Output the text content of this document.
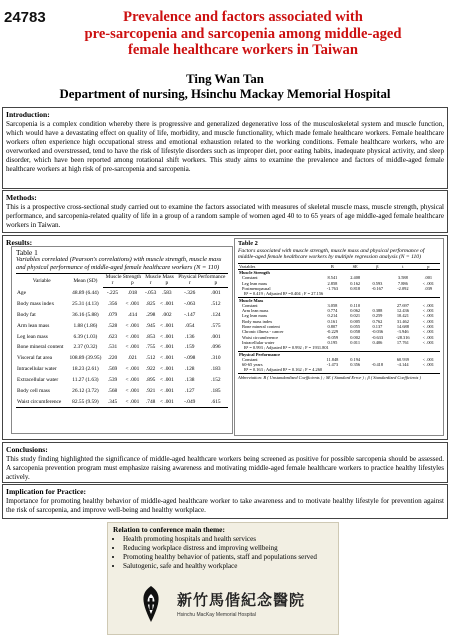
24783	Prevalence and factors associated with
pre-sarcopenia and sarcopenia among middle-aged
female healthcare workers in Taiwan
Ting Wan Tan
Department of nursing, Hsinchu Mackay Memorial Hospital
Introduction:
Sarcopenia is a complex condition whereby there is progressive and generalized degenerative loss of the musculoskeletal system and muscle function, which would have a devastating effect on quality of life, morbidity, and muscle functionality, which made female healthcare workers. Female healthcare workers often experience high occupational stress and emotional exhaustion related to the working conditions. Female healthcare workers, who are overworked and overstressed, tend to have the risk of lifestyle disorders such as improper diet, poor eating habits, inadequate physical activity, and sleep disorder, which have been reported among rotational shift workers. This study aims to examine the prevalence and factors of middle-aged female healthcare workers at high risk of pre-sarcopenia and sarcopenia.
Methods:
This is a prospective cross-sectional study carried out to examine the factors associated with measures of skeletal muscle mass, muscle strength, physical performance, and sarcopenia-related quality of life in a group of a random sample of women aged 40 to to 65 years of age middle-aged female healthcare workers in Taiwan.
Results:
Table 1
Variables correlated (Pearson's correlations) with muscle strength, muscle mass and physical performance of middle-aged female healthcare workers (N = 110)
Variable	Mean (SD)	Muscle Strength		Muscle Mass		Physical Performance	
		r	p	r	p	r	p
Age	48.89 (6.44)	-.225	.018	-.053	.583	-.326	.001
Body mass index	25.31 (4.13)	.356	< .001	.825	< .001	-.063	.512
Body fat	36.16 (5.88)	.079	.414	.298	.002	-.147	.124
Arm lean mass	1.88 (1.86)	.528	< .001	.945	< .001	.054	.575
Leg lean mass	6.39 (1.03)	.623	< .001	.853	< .001	.136	.001
Bone mineral content	2.37 (0.32)	.531	< .001	.755	< .001	.159	.096
Visceral fat area	108.89 (39.95)	.220	.021	.512	< .001	-.098	.310
Intracellular water	18.23 (2.61)	.569	< .001	.922	< .001	.128	.183
Extracellular water	11.27 (1.63)	.539	< .001	.895	< .001	.138	.152
Body cell mass	26.12 (3.72)	.568	< .001	.921	< .001	.127	.185
Waist circumference	82.55 (9.59)	.345	< .001	.748	< .001	-.049	.615
Table 2
Factors associated with muscle strength, muscle mass and physical performance of middle-aged female healthcare workers by multiple regression analysis (N = 110)
Variables	B	SE	β	t	p
Muscle Strength					
Constant	8.541	2.408		3.588	.001
Leg lean mass	2.858	0.162	0.593	7.886	< .001
Postmenopausal	-1.763	0.818	-0.167	-2.092	.039
R² = 0.419 ; Adjusted R² =0.404 ; F = 27.156					
Muscle Mass					
Constant	3.058	0.110		27.697	< .001
Arm lean mass	0.774	0.062	0.388	12.436	< .001
Leg lean mass	0.214	0.021	0.259	10.421	< .001
Body mass index	0.161	0.005	0.762	31.462	< .001
Bone mineral content	0.807	0.055	0.137	14.688	< .001
Chronic illness - cancer	-0.229	0.058	-0.036	-3.946	< .001
Waist circumference	-0.059	0.002	-0.633	-28.316	< .001
Intracellular water	0.195	0.011	0.406	17.761	< .001
R² = 0.993 ; Adjusted R² = 0.992 ; F = 1931.801					
Physical Performance					
Constant	11.848	0.194		60.939	< .001
60-65 years	-1.473	0.356	-0.418	-4.144	< .001
R² = 0.163 ; Adjusted R² = 0.162 ; F = 4.260					
Abbreviation: B ( Unstandardized Coefficients ) ; SE ( Standard Error ) ; β ( Standardized Coefficients )
Conclusions:
This study finding highlighted the significance of middle-aged healthcare workers being screened as positive for possible sarcopenia should be assessed. A sarcopenia prevention program must emphasize raising awareness and motivating middle-aged female healthcare workers to practice healthy lifestyles actively.
Implication for Practice:
Importance for promoting healthy behavior of middle-aged healthcare worker to take awareness and to motivate healthy lifestyle for prevention against the risk of sarcopenia, and improve well-being and healthy workplace.
Relation to conference main theme:
• Health promoting hospitals and health services
• Reducing workplace distress and improving wellbeing
• Promoting healthy behavior of patients, staff and populations served
• Salutogenic, safe and healthy workplace
新竹馬偕紀念醫院
Hsinchu MacKay Memorial Hospital
